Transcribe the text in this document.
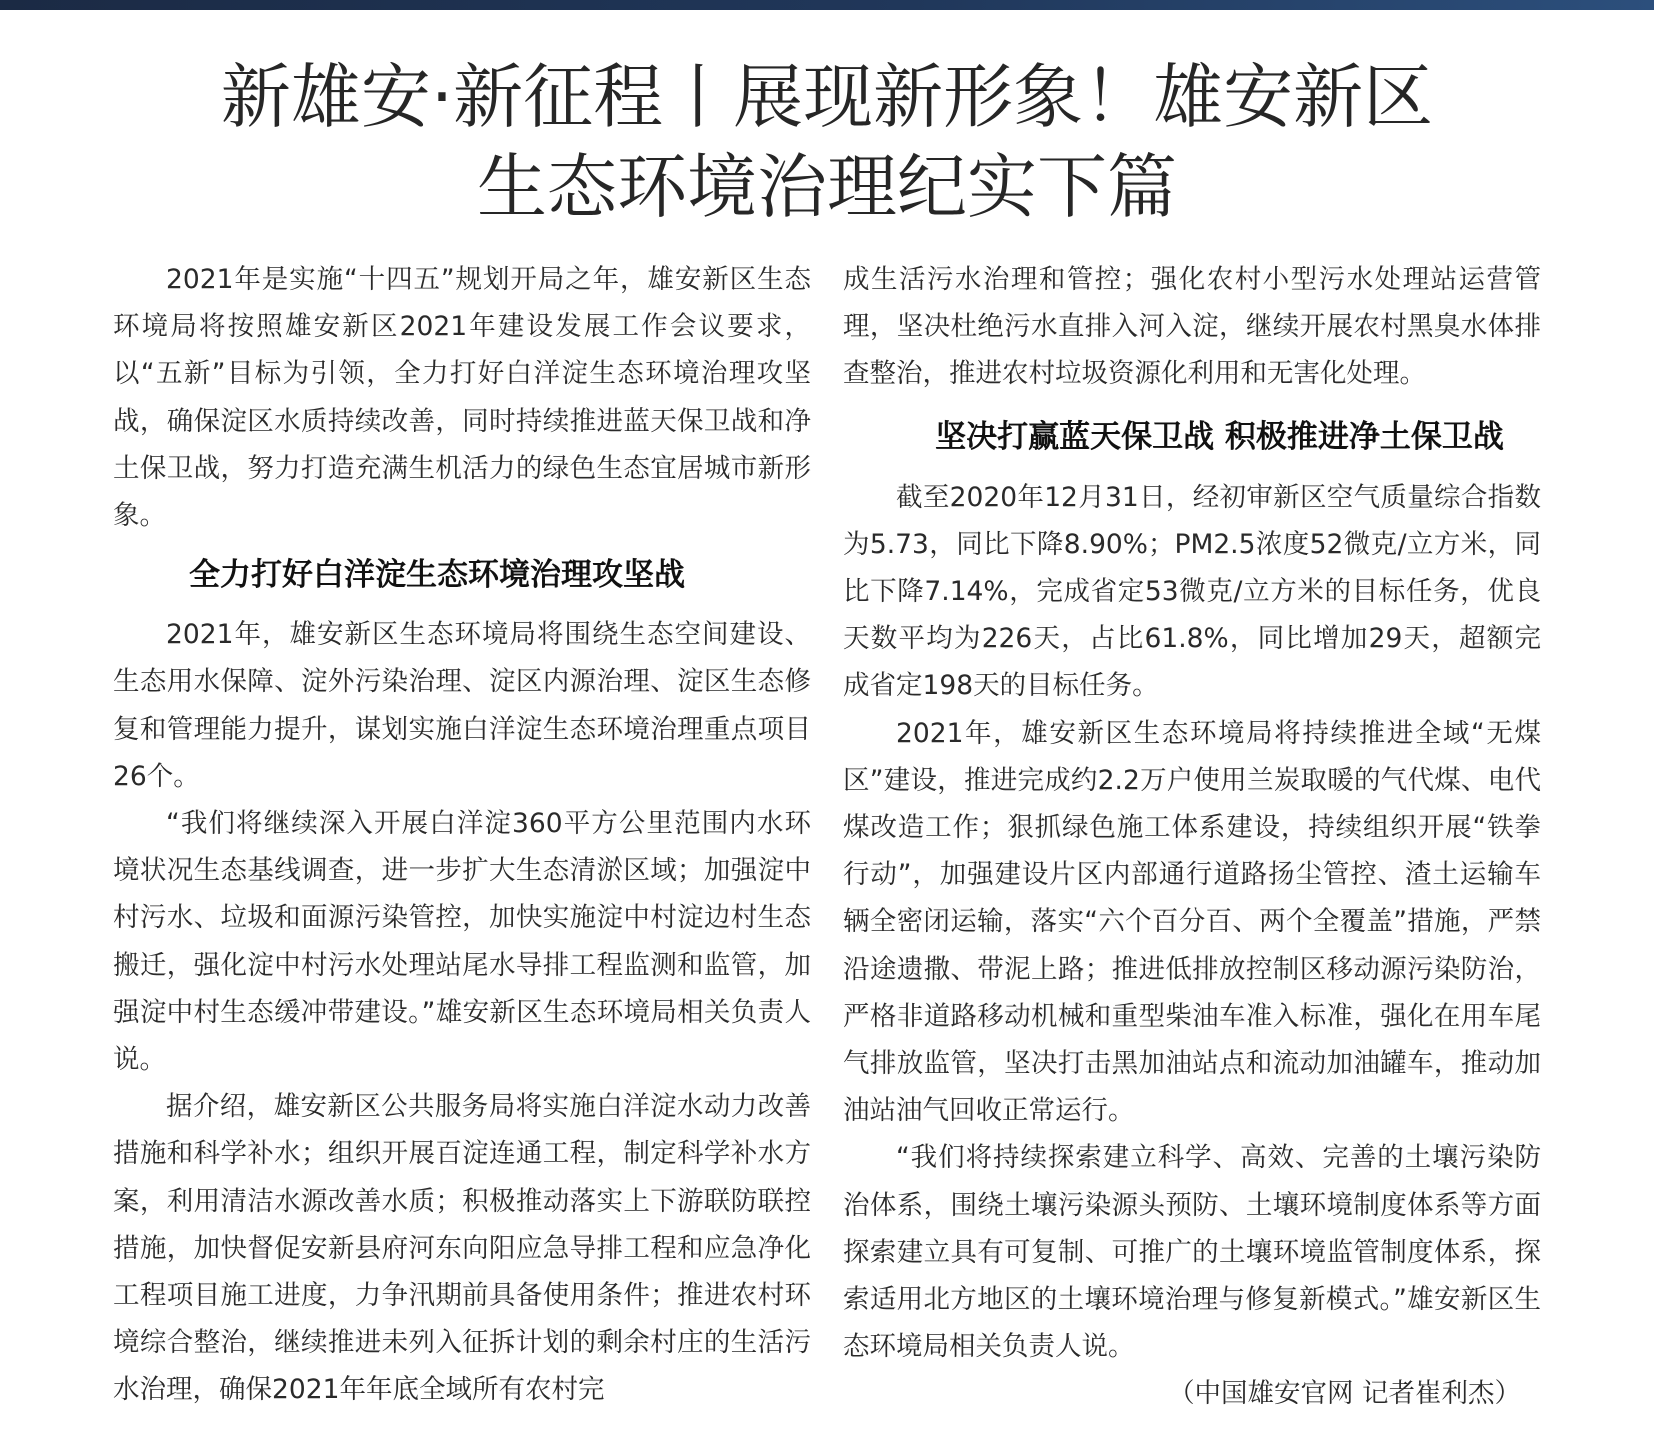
新雄安·新征程丨展现新形象！雄安新区
生态环境治理纪实下篇

2021年是实施“十四五”规划开局之年，雄安新区生态环境局将按照雄安新区2021年建设发展工作会议要求，以“五新”目标为引领，全力打好白洋淀生态环境治理攻坚战，确保淀区水质持续改善，同时持续推进蓝天保卫战和净土保卫战，努力打造充满生机活力的绿色生态宜居城市新形象。

全力打好白洋淀生态环境治理攻坚战

2021年，雄安新区生态环境局将围绕生态空间建设、生态用水保障、淀外污染治理、淀区内源治理、淀区生态修复和管理能力提升，谋划实施白洋淀生态环境治理重点项目26个。

“我们将继续深入开展白洋淀360平方公里范围内水环境状况生态基线调查，进一步扩大生态清淤区域；加强淀中村污水、垃圾和面源污染管控，加快实施淀中村淀边村生态搬迁，强化淀中村污水处理站尾水导排工程监测和监管，加强淀中村生态缓冲带建设。”雄安新区生态环境局相关负责人说。

据介绍，雄安新区公共服务局将实施白洋淀水动力改善措施和科学补水；组织开展百淀连通工程，制定科学补水方案，利用清洁水源改善水质；积极推动落实上下游联防联控措施，加快督促安新县府河东向阳应急导排工程和应急净化工程项目施工进度，力争汛期前具备使用条件；推进农村环境综合整治，继续推进未列入征拆计划的剩余村庄的生活污水治理，确保2021年年底全域所有农村完

成生活污水治理和管控；强化农村小型污水处理站运营管理，坚决杜绝污水直排入河入淀，继续开展农村黑臭水体排查整治，推进农村垃圾资源化利用和无害化处理。

坚决打赢蓝天保卫战 积极推进净土保卫战

截至2020年12月31日，经初审新区空气质量综合指数为5.73，同比下降8.90%；PM2.5浓度52微克/立方米，同比下降7.14%，完成省定53微克/立方米的目标任务，优良天数平均为226天，占比61.8%，同比增加29天，超额完成省定198天的目标任务。

2021年，雄安新区生态环境局将持续推进全域“无煤区”建设，推进完成约2.2万户使用兰炭取暖的气代煤、电代煤改造工作；狠抓绿色施工体系建设，持续组织开展“铁拳行动”，加强建设片区内部通行道路扬尘管控、渣土运输车辆全密闭运输，落实“六个百分百、两个全覆盖”措施，严禁沿途遗撒、带泥上路；推进低排放控制区移动源污染防治，严格非道路移动机械和重型柴油车准入标准，强化在用车尾气排放监管，坚决打击黑加油站点和流动加油罐车，推动加油站油气回收正常运行。

“我们将持续探索建立科学、高效、完善的土壤污染防治体系，围绕土壤污染源头预防、土壤环境制度体系等方面探索建立具有可复制、可推广的土壤环境监管制度体系，探索适用北方地区的土壤环境治理与修复新模式。”雄安新区生态环境局相关负责人说。

（中国雄安官网 记者崔利杰）
